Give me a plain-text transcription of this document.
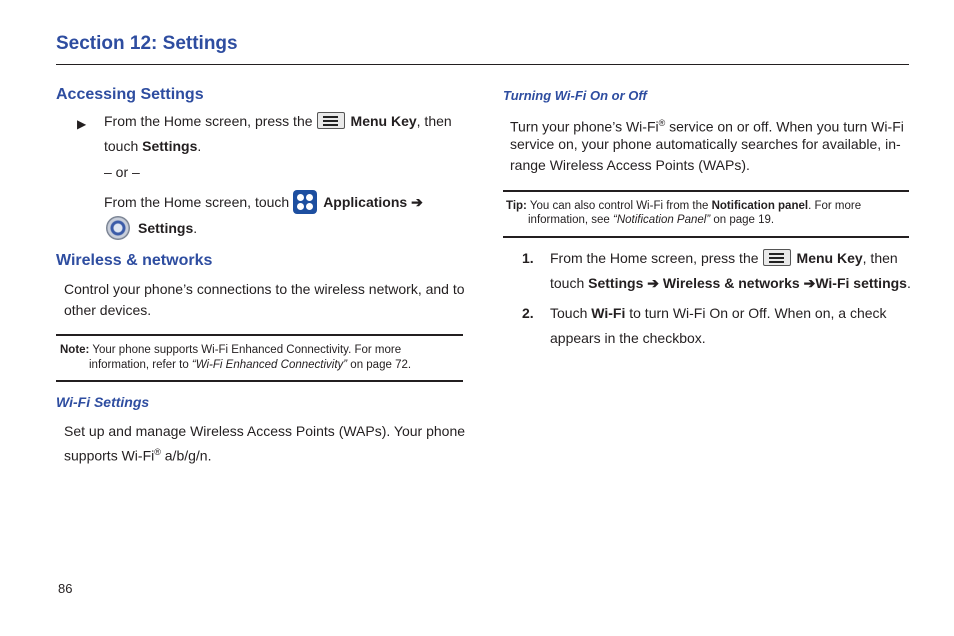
Section 12: Settings
Accessing Settings
▶ From the Home screen, press the	Menu Key, then
touch Settings.
– or –
From the Home screen, touch Applications ➔
Settings.
Wireless & networks
Control your phone’s connections to the wireless network, and to
other devices.
Note: Your phone supports Wi-Fi Enhanced Connectivity. For more
information, refer to “Wi-Fi Enhanced Connectivity” on page 72.
Wi-Fi Settings
Set up and manage Wireless Access Points (WAPs). Your phone
supports Wi-Fi® a/b/g/n.
Turning Wi-Fi On or Off
Turn your phone’s Wi-Fi® service on or off. When you turn Wi-Fi
service on, your phone automatically searches for available, in-
range Wireless Access Points (WAPs).
Tip: You can also control Wi-Fi from the Notification panel. For more
information, see “Notification Panel” on page 19.
1. From the Home screen, press the	Menu Key, then
touch Settings ➔ Wireless & networks ➔Wi-Fi settings.
2. Touch Wi-Fi to turn Wi-Fi On or Off. When on, a check
appears in the checkbox.
86
